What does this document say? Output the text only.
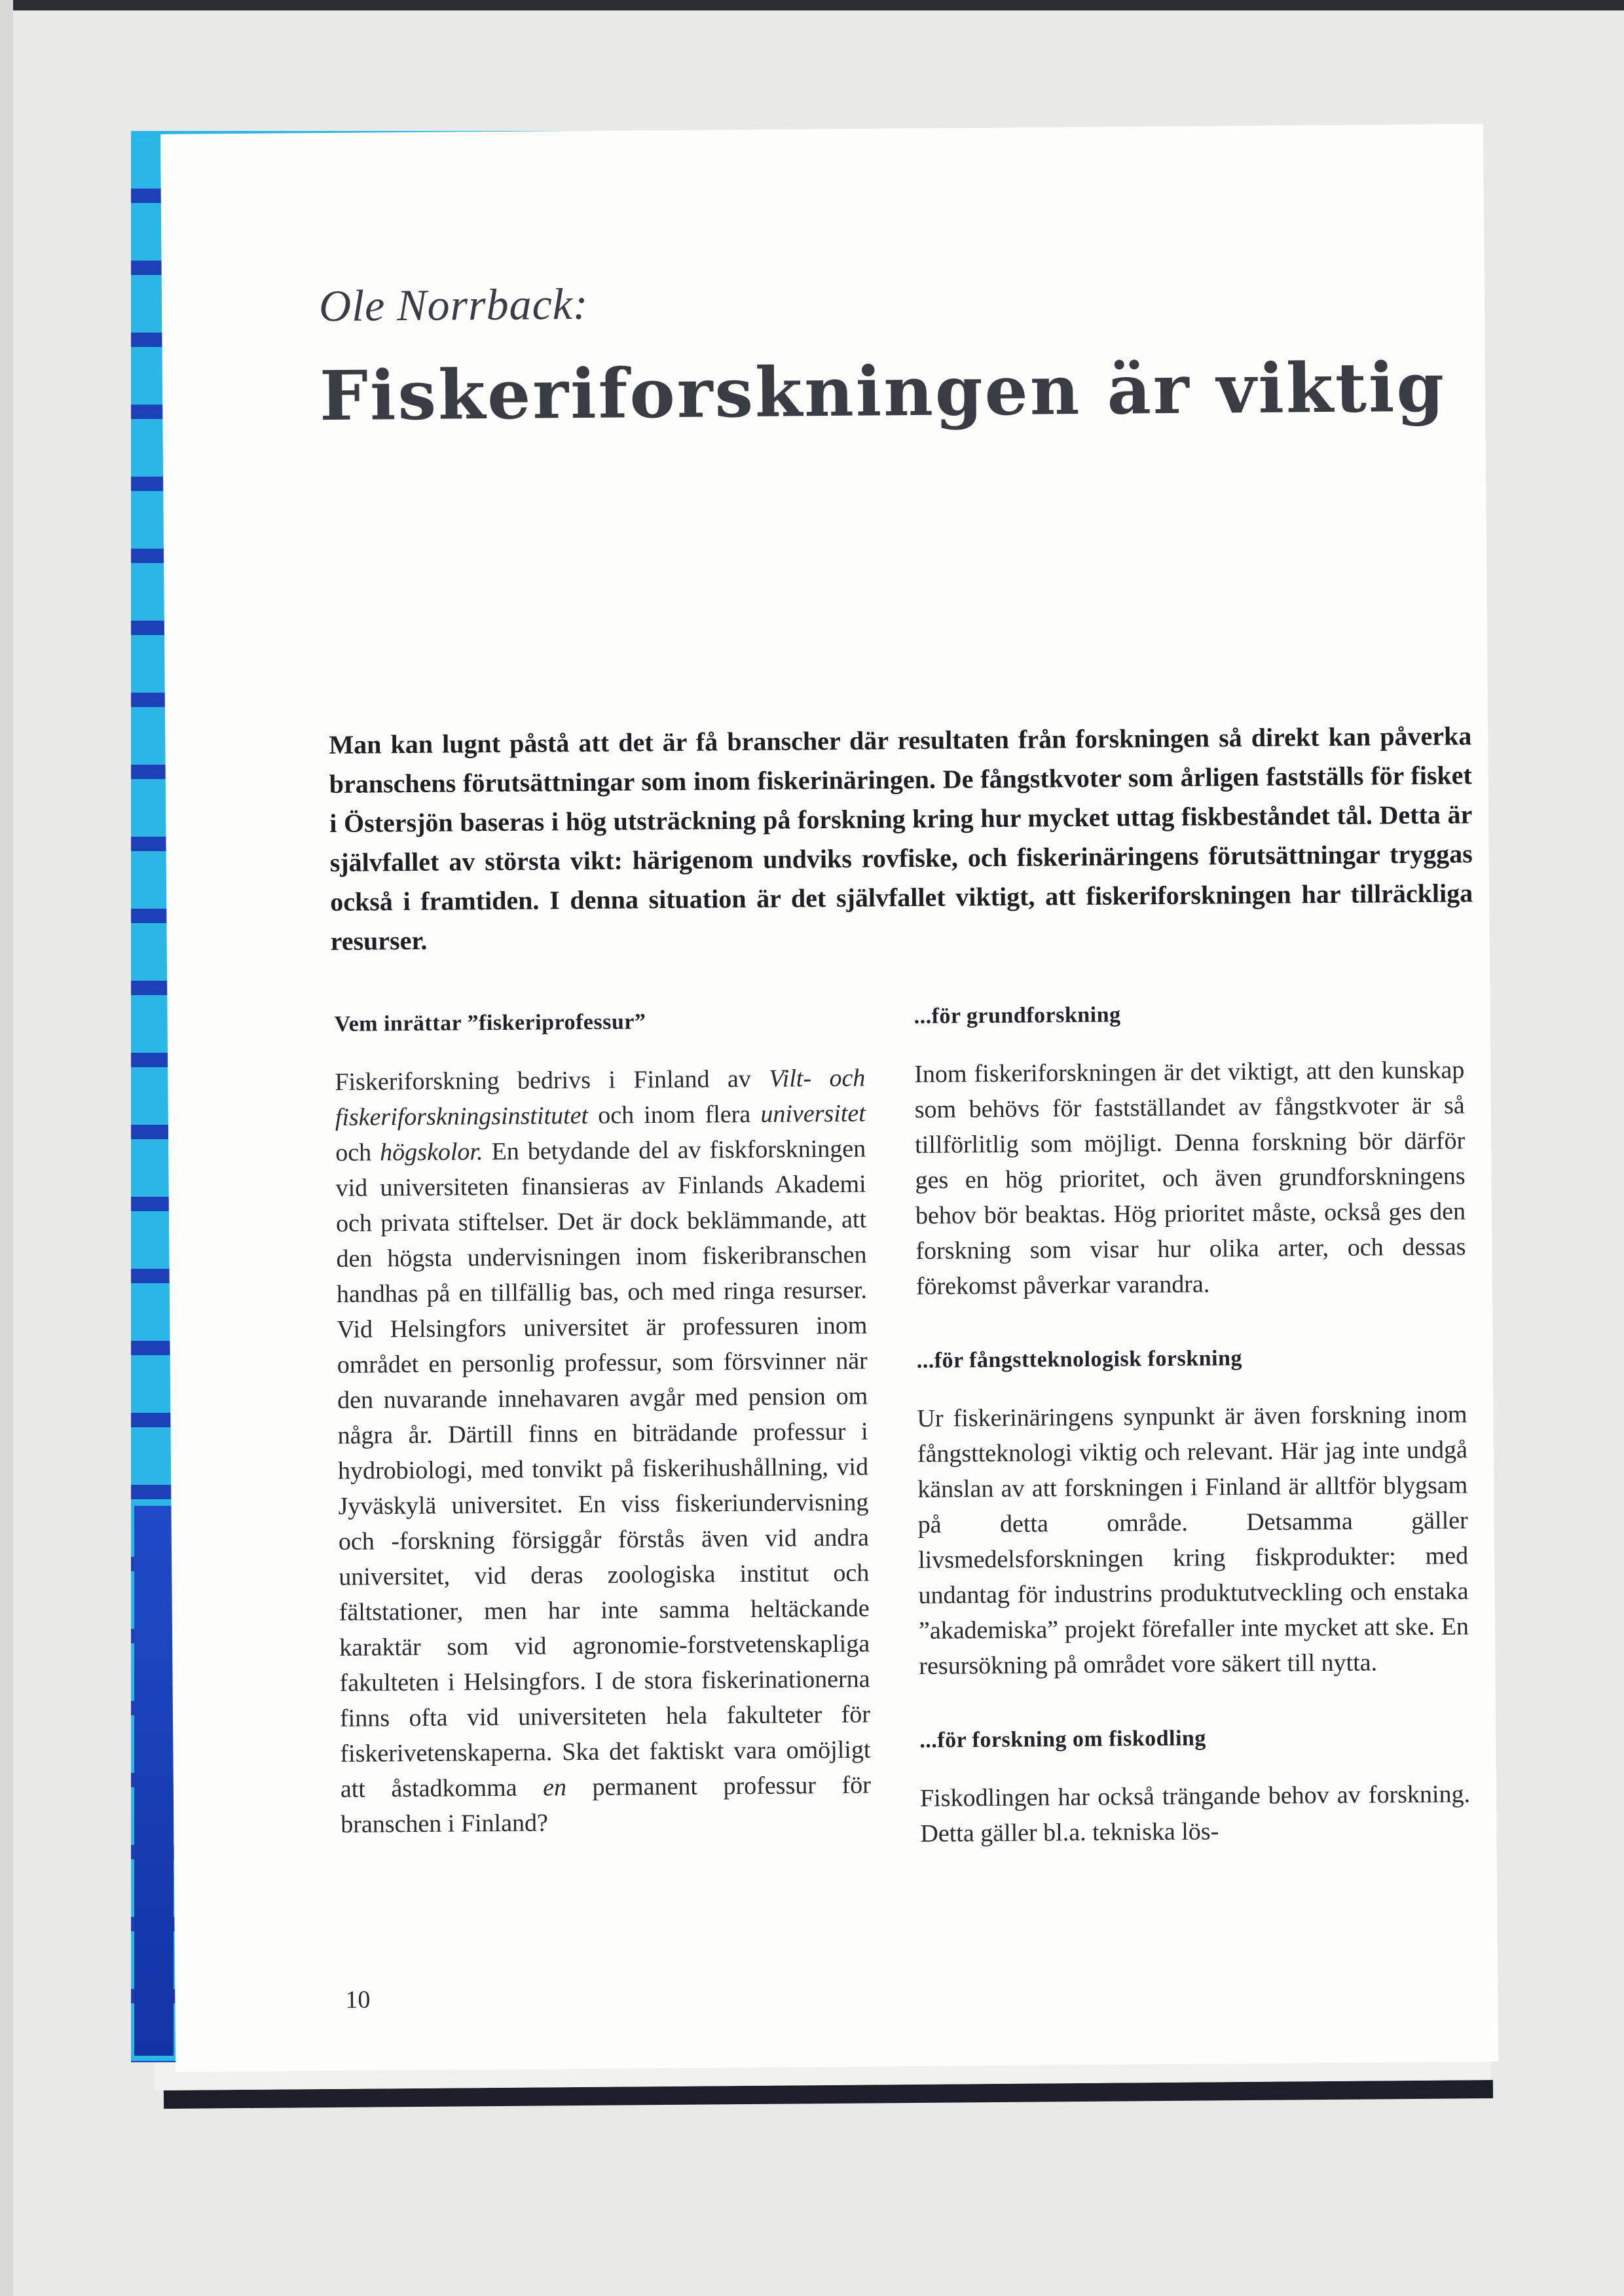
Ole Norrback:
Fiskeriforskningen är viktig
Man kan lugnt påstå att det är få branscher där resultaten från forskningen så direkt kan påverka branschens förutsättningar som inom fiskerinäringen. De fångstkvoter som årligen fastställs för fisket i Östersjön baseras i hög utsträckning på forskning kring hur mycket uttag fiskbeståndet tål. Detta är självfallet av största vikt: härigenom undviks rovfiske, och fiskerinäringens förutsättningar tryggas också i framtiden. I denna situation är det självfallet viktigt, att fiskeriforskningen har tillräckliga resurser.
Vem inrättar ”fiskeriprofessur”
Fiskeriforskning bedrivs i Finland av Vilt- och fiskeriforskningsinstitutet och inom flera universitet och högskolor. En betydande del av fiskforskningen vid universiteten finansieras av Finlands Akademi och privata stiftelser. Det är dock beklämmande, att den högsta undervisningen inom fiskeribranschen handhas på en tillfällig bas, och med ringa resurser. Vid Helsingfors universitet är professuren inom området en personlig professur, som försvinner när den nuvarande innehavaren avgår med pension om några år. Därtill finns en biträdande professur i hydrobiologi, med tonvikt på fiskerihushållning, vid Jyväskylä universitet. En viss fiskeriundervisning och -forskning försiggår förstås även vid andra universitet, vid deras zoologiska institut och fältstationer, men har inte samma heltäckande karaktär som vid agronomie-forstvetenskapliga fakulteten i Helsingfors. I de stora fiskerinationerna finns ofta vid universiteten hela fakulteter för fiskerivetenskaperna. Ska det faktiskt vara omöjligt att åstadkomma en permanent professur för branschen i Finland?
...för grundforskning
Inom fiskeriforskningen är det viktigt, att den kunskap som behövs för fastställandet av fångstkvoter är så tillförlitlig som möjligt. Denna forskning bör därför ges en hög prioritet, och även grundforskningens behov bör beaktas. Hög prioritet måste, också ges den forskning som visar hur olika arter, och dessas förekomst påverkar varandra.
...för fångstteknologisk forskning
Ur fiskerinäringens synpunkt är även forskning inom fångstteknologi viktig och relevant. Här jag inte undgå känslan av att forskningen i Finland är alltför blygsam på detta område. Detsamma gäller livsmedelsforskningen kring fiskprodukter: med undantag för industrins produktutveckling och enstaka ”akademiska” projekt förefaller inte mycket att ske. En resursökning på området vore säkert till nytta.
...för forskning om fiskodling
Fiskodlingen har också trängande behov av forskning. Detta gäller bl.a. tekniska lös-
10
